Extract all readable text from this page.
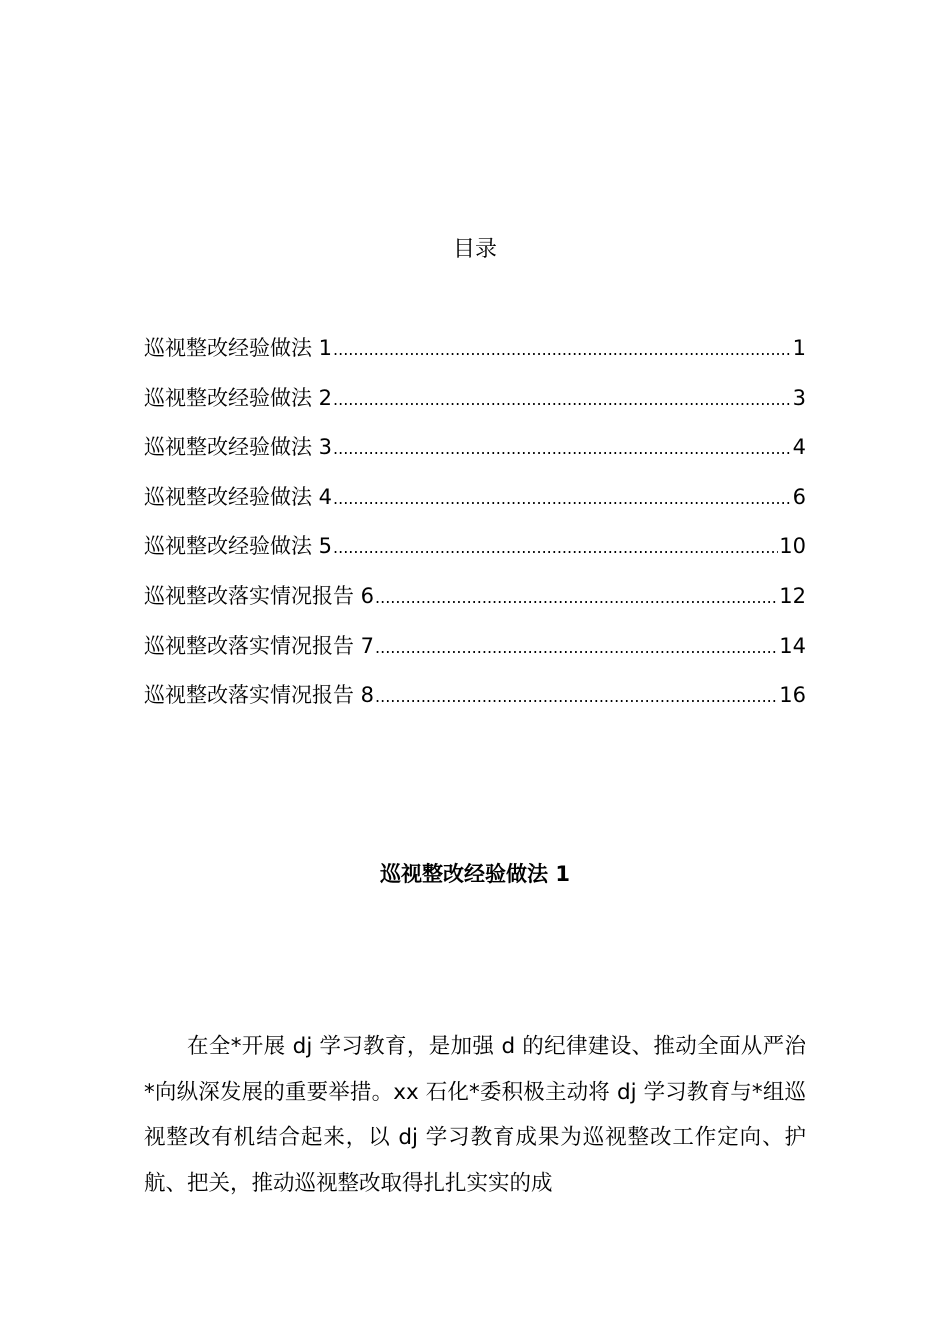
目录
巡视整改经验做法 1 .....	1
巡视整改经验做法 2 .....	3
巡视整改经验做法 3 .....	4
巡视整改经验做法 4 .....	6
巡视整改经验做法 5 .....	10
巡视整改落实情况报告 6 .....	12
巡视整改落实情况报告 7 .....	14
巡视整改落实情况报告 8 .....	16
巡视整改经验做法 1

在全*开展 dj 学习教育，是加强 d 的纪律建设、推动全面从严治*向纵深发展的重要举措。xx 石化*委积极主动将 dj 学习教育与*组巡视整改有机结合起来，以 dj 学习教育成果为巡视整改工作定向、护航、把关，推动巡视整改取得扎扎实实的成
